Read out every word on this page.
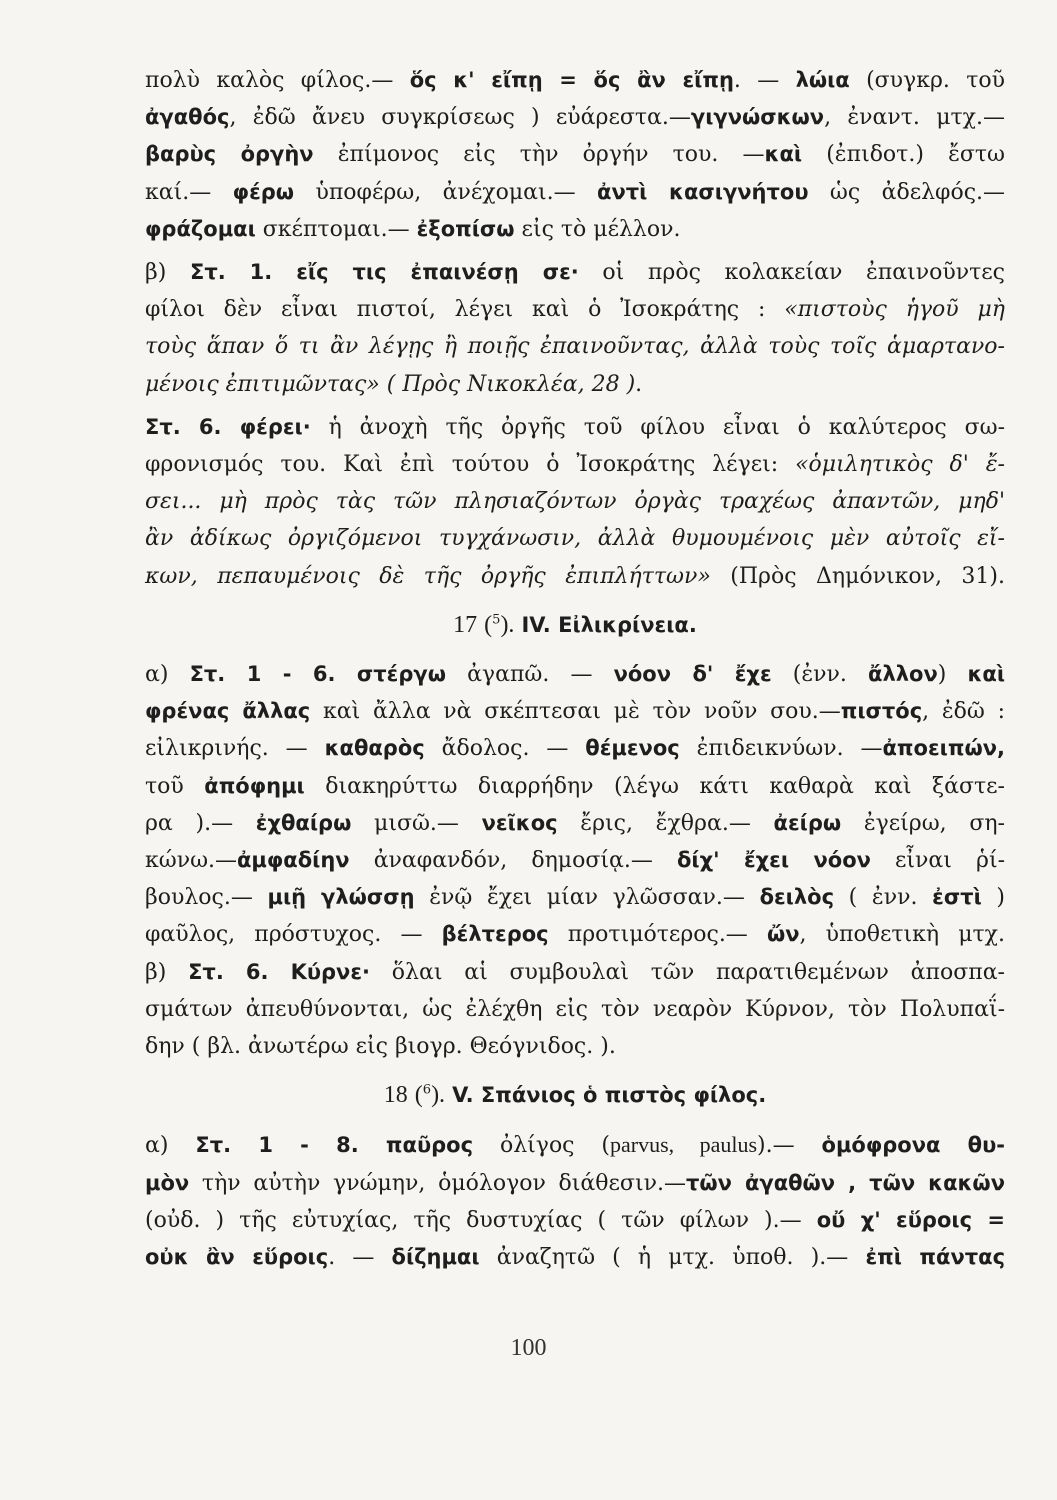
πολὺ καλὸς φίλος.— ὅς κ' εἴπῃ = ὅς ἂν εἴπῃ. — λώια (συγκρ. τοῦ
ἀγαθός, ἐδῶ ἄνευ συγκρίσεως ) εὐάρεστα.—γιγνώσκων, ἐναντ. μτχ.—
βαρὺς ὀργὴν ἐπίμονος εἰς τὴν ὀργήν του. —καὶ (ἐπιδοτ.) ἔστω
καί.— φέρω ὑποφέρω, ἀνέχομαι.— ἀντὶ κασιγνήτου ὡς ἀδελφός.—
φράζομαι σκέπτομαι.— ἐξοπίσω εἰς τὸ μέλλον.
β) Στ. 1. εἴς τις ἐπαινέσῃ σε· οἱ πρὸς κολακείαν ἐπαινοῦντες
φίλοι δὲν εἶναι πιστοί, λέγει καὶ ὁ Ἰσοκράτης : «πιστοὺς ἡγοῦ μὴ
τοὺς ἅπαν ὅ τι ἂν λέγῃς ἢ ποιῇς ἐπαινοῦντας, ἀλλὰ τοὺς τοῖς ἁμαρτανο-
μένοις ἐπιτιμῶντας» ( Πρὸς Νικοκλέα, 28 ).
Στ. 6. φέρει· ἡ ἀνοχὴ τῆς ὀργῆς τοῦ φίλου εἶναι ὁ καλύτερος σω-
φρονισμός του. Καὶ ἐπὶ τούτου ὁ Ἰσοκράτης λέγει: «ὁμιλητικὸς δ' ἔ-
σει... μὴ πρὸς τὰς τῶν πλησιαζόντων ὀργὰς τραχέως ἀπαντῶν, μηδ'
ἂν ἀδίκως ὀργιζόμενοι τυγχάνωσιν, ἀλλὰ θυμουμένοις μὲν αὐτοῖς εἴ-
κων, πεπαυμένοις δὲ τῆς ὀργῆς ἐπιπλήττων» (Πρὸς Δημόνικον, 31).
17 ($^5$). IV. Εἰλικρίνεια.
α) Στ. 1 - 6. στέργω ἀγαπῶ. — νόον δ' ἔχε (ἐνν. ἄλλον) καὶ
φρένας ἄλλας καὶ ἄλλα νὰ σκέπτεσαι μὲ τὸν νοῦν σου.—πιστός, ἐδῶ :
εἰλικρινής. — καθαρὸς ἄδολος. — θέμενος ἐπιδεικνύων. —ἀποειπών,
τοῦ ἀπόφημι διακηρύττω διαρρήδην (λέγω κάτι καθαρὰ καὶ ξάστε-
ρα ).— ἐχθαίρω μισῶ.— νεῖκος ἔρις, ἔχθρα.— ἀείρω ἐγείρω, ση-
κώνω.—ἀμφαδίην ἀναφανδόν, δημοσίᾳ.— δίχ' ἔχει νόον εἶναι ῥί-
βουλος.— μιῇ γλώσσῃ ἐνῷ ἔχει μίαν γλῶσσαν.— δειλὸς ( ἐνν. ἐστὶ )
φαῦλος, πρόστυχος. — βέλτερος προτιμότερος.— ὤν, ὑποθετικὴ μτχ.
β) Στ. 6. Κύρνε· ὅλαι αἱ συμβουλαὶ τῶν παρατιθεμένων ἀποσπα-
σμάτων ἀπευθύνονται, ὡς ἐλέχθη εἰς τὸν νεαρὸν Κύρνον, τὸν Πολυπαΐ-
δην ( βλ. ἀνωτέρω εἰς βιογρ. Θεόγνιδος. ).
18 ($^6$). V. Σπάνιος ὁ πιστὸς φίλος.
α) Στ. 1 - 8. παῦρος ὀλίγος (parvus, paulus).— ὁμόφρονα θυ-
μὸν τὴν αὐτὴν γνώμην, ὁμόλογον διάθεσιν.—τῶν ἀγαθῶν , τῶν κακῶν
(οὐδ. ) τῆς εὐτυχίας, τῆς δυστυχίας ( τῶν φίλων ).— οὔ χ' εὕροις =
οὐκ ἂν εὕροις. — δίζημαι ἀναζητῶ ( ἡ μτχ. ὑποθ. ).— ἐπὶ πάντας
100
